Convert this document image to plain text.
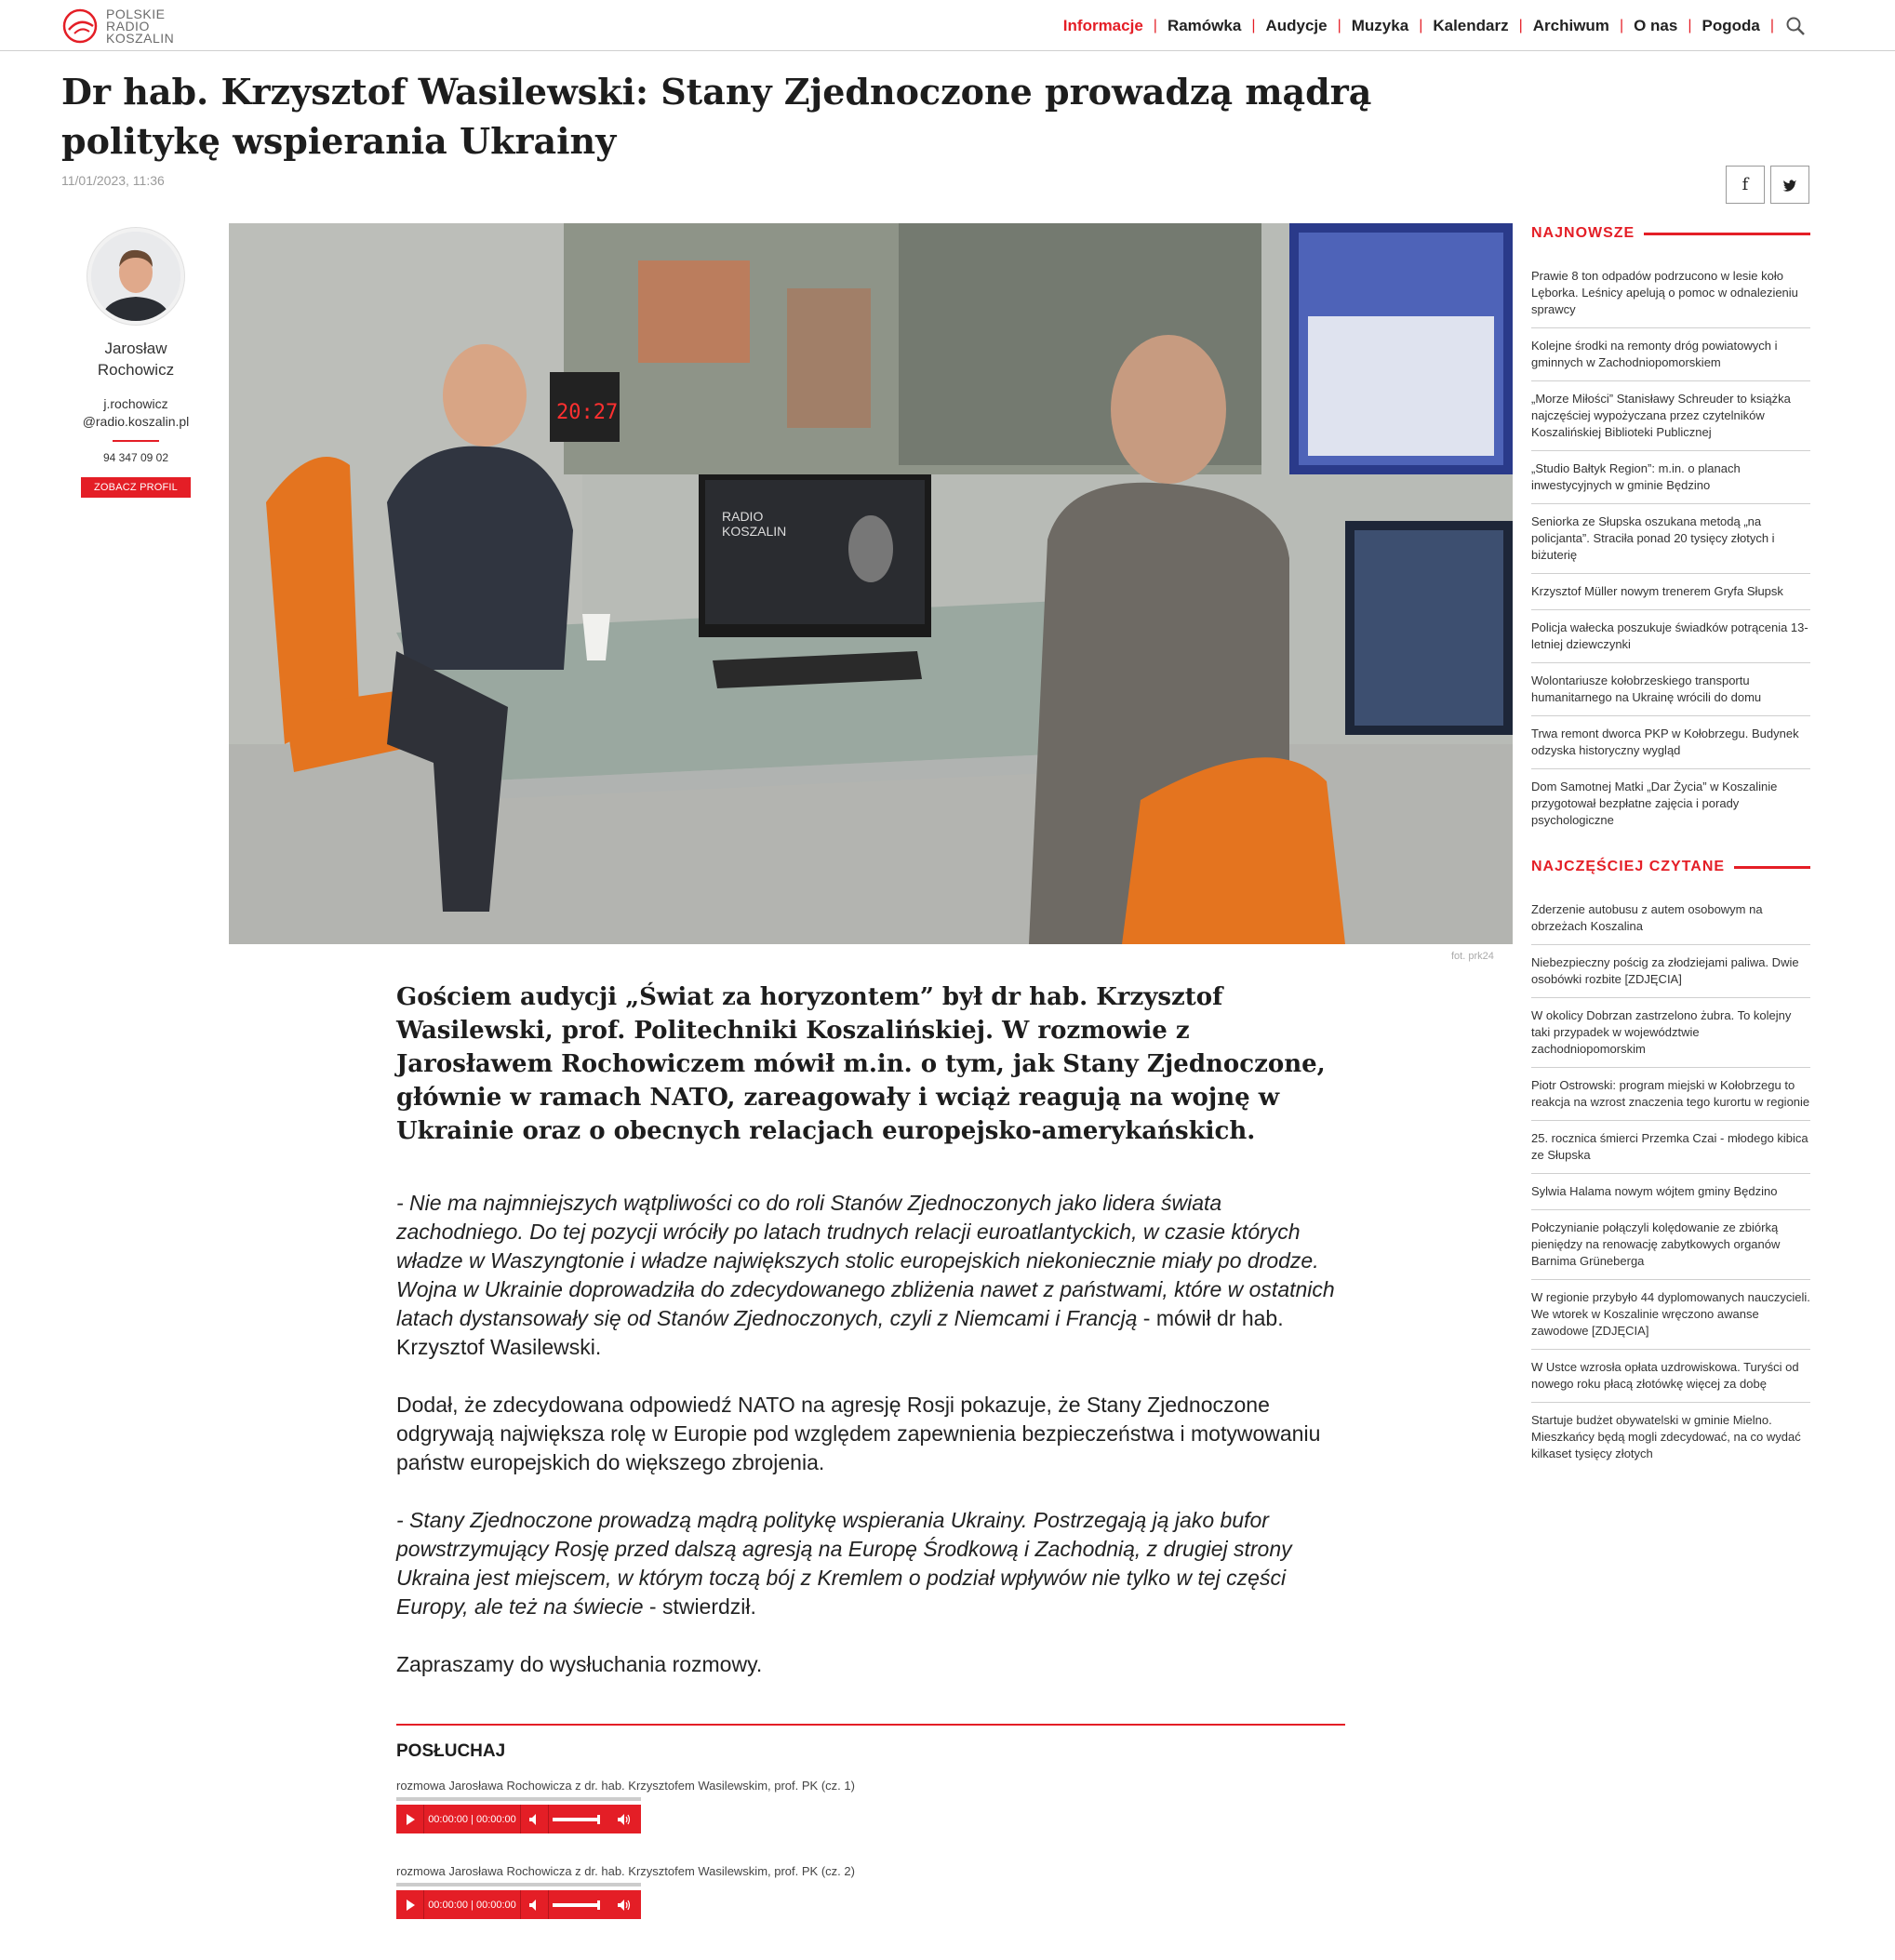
POLSKIE
RADIO
KOSZALIN
Informacje | Ramówka | Audycje | Muzyka | Kalendarz | Archiwum | O nas | Pogoda |
Dr hab. Krzysztof Wasilewski: Stany Zjednoczone prowadzą mądrą politykę wspierania Ukrainy
11/01/2023, 11:36	f
Jarosław
Rochowicz
j.rochowicz
@radio.koszalin.pl
94 347 09 02
ZOBACZ PROFIL
20:27
RADIO
KOSZALIN
fot. prk24
Gościem audycji „Świat za horyzontem” był dr hab. Krzysztof Wasilewski, prof. Politechniki Koszalińskiej. W rozmowie z Jarosławem Rochowiczem mówił m.in. o tym, jak Stany Zjednoczone, głównie w ramach NATO, zareagowały i wciąż reagują na wojnę w Ukrainie oraz o obecnych relacjach europejsko-amerykańskich.

- Nie ma najmniejszych wątpliwości co do roli Stanów Zjednoczonych jako lidera świata zachodniego. Do tej pozycji wróciły po latach trudnych relacji euroatlantyckich, w czasie których władze w Waszyngtonie i władze największych stolic europejskich niekoniecznie miały po drodze. Wojna w Ukrainie doprowadziła do zdecydowanego zbliżenia nawet z państwami, które w ostatnich latach dystansowały się od Stanów Zjednoczonych, czyli z Niemcami i Francją - mówił dr hab. Krzysztof Wasilewski.

Dodał, że zdecydowana odpowiedź NATO na agresję Rosji pokazuje, że Stany Zjednoczone odgrywają największa rolę w Europie pod względem zapewnienia bezpieczeństwa i motywowaniu państw europejskich do większego zbrojenia.

- Stany Zjednoczone prowadzą mądrą politykę wspierania Ukrainy. Postrzegają ją jako bufor powstrzymujący Rosję przed dalszą agresją na Europę Środkową i Zachodnią, z drugiej strony Ukraina jest miejscem, w którym toczą bój z Kremlem o podział wpływów nie tylko w tej części Europy, ale też na świecie - stwierdził.

Zapraszamy do wysłuchania rozmowy.

POSŁUCHAJ
rozmowa Jarosława Rochowicza z dr. hab. Krzysztofem Wasilewskim, prof. PK (cz. 1)
00:00:00 | 00:00:00
rozmowa Jarosława Rochowicza z dr. hab. Krzysztofem Wasilewskim, prof. PK (cz. 2)
00:00:00 | 00:00:00
NAJNOWSZE
Prawie 8 ton odpadów podrzucono w lesie koło Lęborka. Leśnicy apelują o pomoc w odnalezieniu sprawcy
Kolejne środki na remonty dróg powiatowych i gminnych w Zachodniopomorskiem
„Morze Miłości” Stanisławy Schreuder to książka najczęściej wypożyczana przez czytelników Koszalińskiej Biblioteki Publicznej
„Studio Bałtyk Region”: m.in. o planach inwestycyjnych w gminie Będzino
Seniorka ze Słupska oszukana metodą „na policjanta”. Straciła ponad 20 tysięcy złotych i biżuterię
Krzysztof Müller nowym trenerem Gryfa Słupsk
Policja wałecka poszukuje świadków potrącenia 13-letniej dziewczynki
Wolontariusze kołobrzeskiego transportu humanitarnego na Ukrainę wrócili do domu
Trwa remont dworca PKP w Kołobrzegu. Budynek odzyska historyczny wygląd
Dom Samotnej Matki „Dar Życia” w Koszalinie przygotował bezpłatne zajęcia i porady psychologiczne
NAJCZĘŚCIEJ CZYTANE
Zderzenie autobusu z autem osobowym na obrzeżach Koszalina
Niebezpieczny pościg za złodziejami paliwa. Dwie osobówki rozbite [ZDJĘCIA]
W okolicy Dobrzan zastrzelono żubra. To kolejny taki przypadek w województwie zachodniopomorskim
Piotr Ostrowski: program miejski w Kołobrzegu to reakcja na wzrost znaczenia tego kurortu w regionie
25. rocznica śmierci Przemka Czai - młodego kibica ze Słupska
Sylwia Halama nowym wójtem gminy Będzino
Połczynianie połączyli kolędowanie ze zbiórką pieniędzy na renowację zabytkowych organów Barnima Grüneberga
W regionie przybyło 44 dyplomowanych nauczycieli. We wtorek w Koszalinie wręczono awanse zawodowe [ZDJĘCIA]
W Ustce wzrosła opłata uzdrowiskowa. Turyści od nowego roku płacą złotówkę więcej za dobę
Startuje budżet obywatelski w gminie Mielno. Mieszkańcy będą mogli zdecydować, na co wydać kilkaset tysięcy złotych
